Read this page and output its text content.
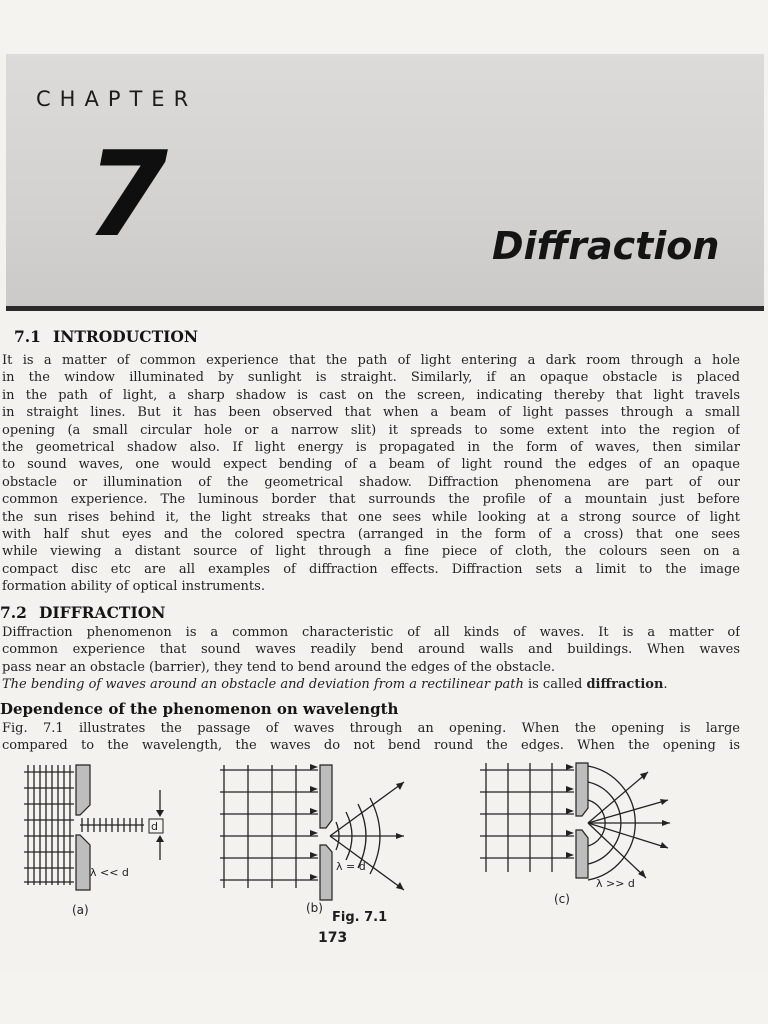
CHAPTER
7	Diffraction
7.1 INTRODUCTION
It is a matter of common experience that the path of light entering a dark room through a hole
in the window illuminated by sunlight is straight. Similarly, if an opaque obstacle is placed
in the path of light, a sharp shadow is cast on the screen, indicating thereby that light travels
in straight lines. But it has been observed that when a beam of light passes through a small
opening (a small circular hole or a narrow slit) it spreads to some extent into the region of
the geometrical shadow also. If light energy is propagated in the form of waves, then similar
to sound waves, one would expect bending of a beam of light round the edges of an opaque
obstacle or illumination of the geometrical shadow. Diffraction phenomena are part of our
common experience. The luminous border that surrounds the profile of a mountain just before
the sun rises behind it, the light streaks that one sees while looking at a strong source of light
with half shut eyes and the colored spectra (arranged in the form of a cross) that one sees
while viewing a distant source of light through a fine piece of cloth, the colours seen on a
compact disc etc are all examples of diffraction effects. Diffraction sets a limit to the image
formation ability of optical instruments.
7.2 DIFFRACTION
Diffraction phenomenon is a common characteristic of all kinds of waves. It is a matter of
common experience that sound waves readily bend around walls and buildings. When waves
pass near an obstacle (barrier), they tend to bend around the edges of the obstacle.
The bending of waves around an obstacle and deviation from a rectilinear path is called diffraction.
Dependence of the phenomenon on wavelength
Fig. 7.1 illustrates the passage of waves through an opening. When the opening is large
compared to the wavelength, the waves do not bend round the edges. When the opening is
d
λ << d
(a)
λ = d
(b)
λ >> d
(c)
Fig. 7.1
173
